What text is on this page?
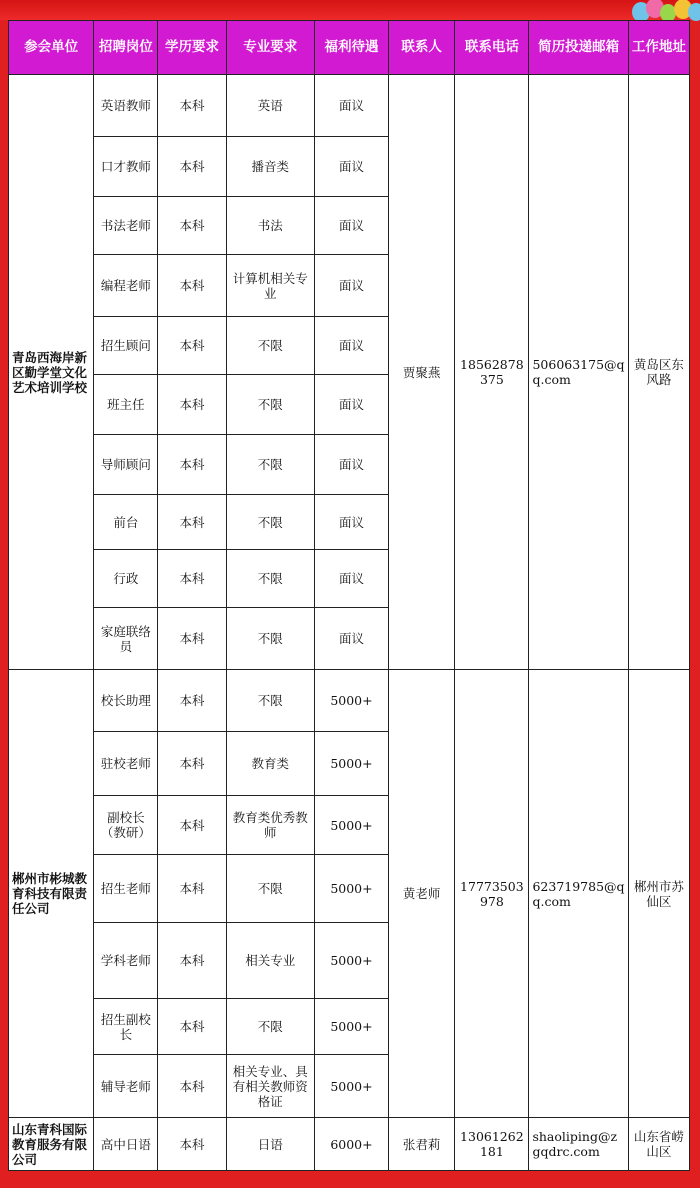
参会单位	招聘岗位	学历要求	专业要求	福利待遇	联系人	联系电话	简历投递邮箱	工作地址
青岛西海岸新区勤学堂文化艺术培训学校	英语教师	本科	英语	面议	贾聚燕	18562878375	506063175@qq.com	黄岛区东风路
	口才教师	本科	播音类	面议				
	书法老师	本科	书法	面议				
	编程老师	本科	计算机相关专业	面议				
	招生顾问	本科	不限	面议				
	班主任	本科	不限	面议				
	导师顾问	本科	不限	面议				
	前台	本科	不限	面议				
	行政	本科	不限	面议				
	家庭联络员	本科	不限	面议				
郴州市彬城教育科技有限责任公司	校长助理	本科	不限	5000+	黄老师	17773503978	623719785@qq.com	郴州市苏仙区
	驻校老师	本科	教育类	5000+				
	副校长（教研）	本科	教育类优秀教师	5000+				
	招生老师	本科	不限	5000+				
	学科老师	本科	相关专业	5000+				
	招生副校长	本科	不限	5000+				
	辅导老师	本科	相关专业、具有相关教师资格证	5000+				
山东青科国际教育服务有限公司	高中日语	本科	日语	6000+	张君莉	13061262181	shaoliping@zgqdrc.com	山东省崂山区
